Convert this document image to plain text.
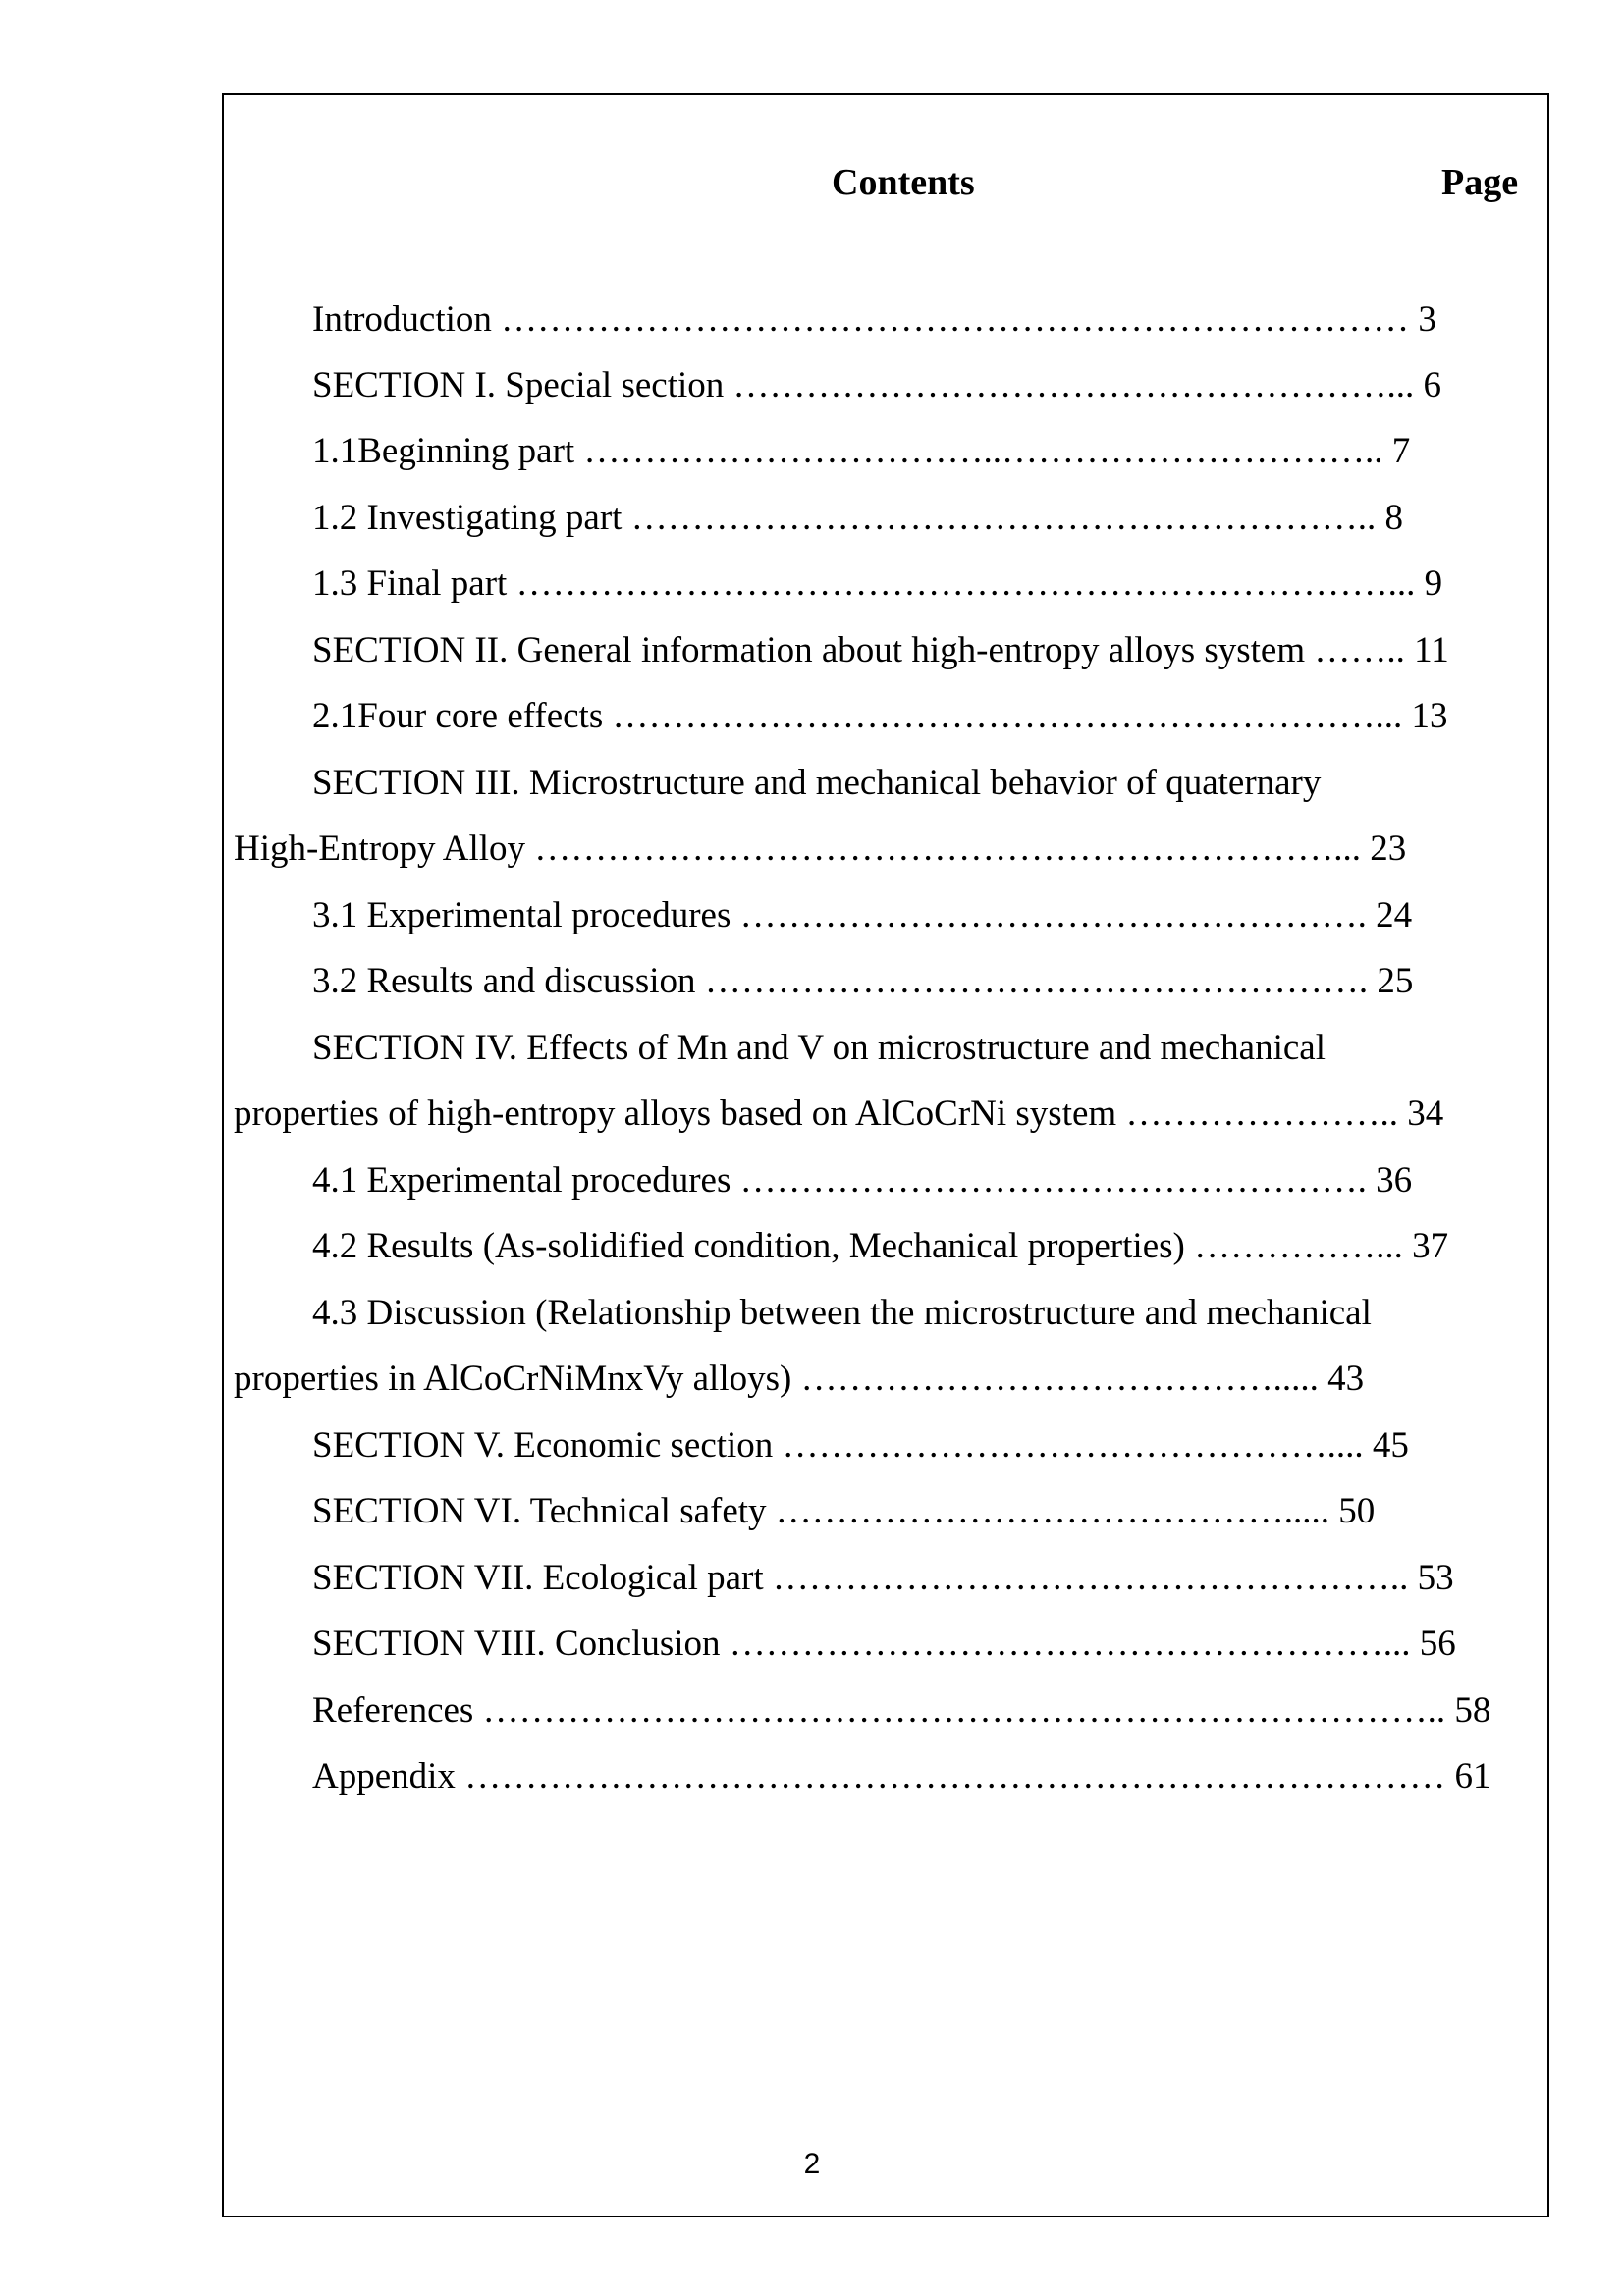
Contents	Page
Introduction ………………………………………………………………… 3
SECTION I. Special section ………………………………………………... 6
1.1Beginning part ……………………………..………………………….. 7
1.2 Investigating part …………………………………………………….. 8
1.3 Final part ………………………………………………………………... 9
SECTION II. General information about high-entropy alloys system …….. 11
2.1Four core effects ………………………………………………………... 13
SECTION III. Microstructure and mechanical behavior of quaternary
High-Entropy Alloy …………………………………………………………... 23
3.1 Experimental procedures ……………………………………………. 24
3.2 Results and discussion ………………………………………………. 25
SECTION IV. Effects of Mn and V on microstructure and mechanical
properties of high-entropy alloys based on AlCoCrNi system ………………….. 34
4.1 Experimental procedures ……………………………………………. 36
4.2 Results (As-solidified condition, Mechanical properties) ……………... 37
4.3 Discussion (Relationship between the microstructure and mechanical
properties in AlCoCrNiMnxVy alloys) …………………………………..... 43
SECTION V. Economic section ……………………………………….... 45
SECTION VI. Technical safety ……………………………………..... 50
SECTION VII. Ecological part …………………………………………….. 53
SECTION VIII. Conclusion ………………………………………………... 56
References …………………………………………………………………….. 58
Appendix ……………………………………………………………………… 61
2
